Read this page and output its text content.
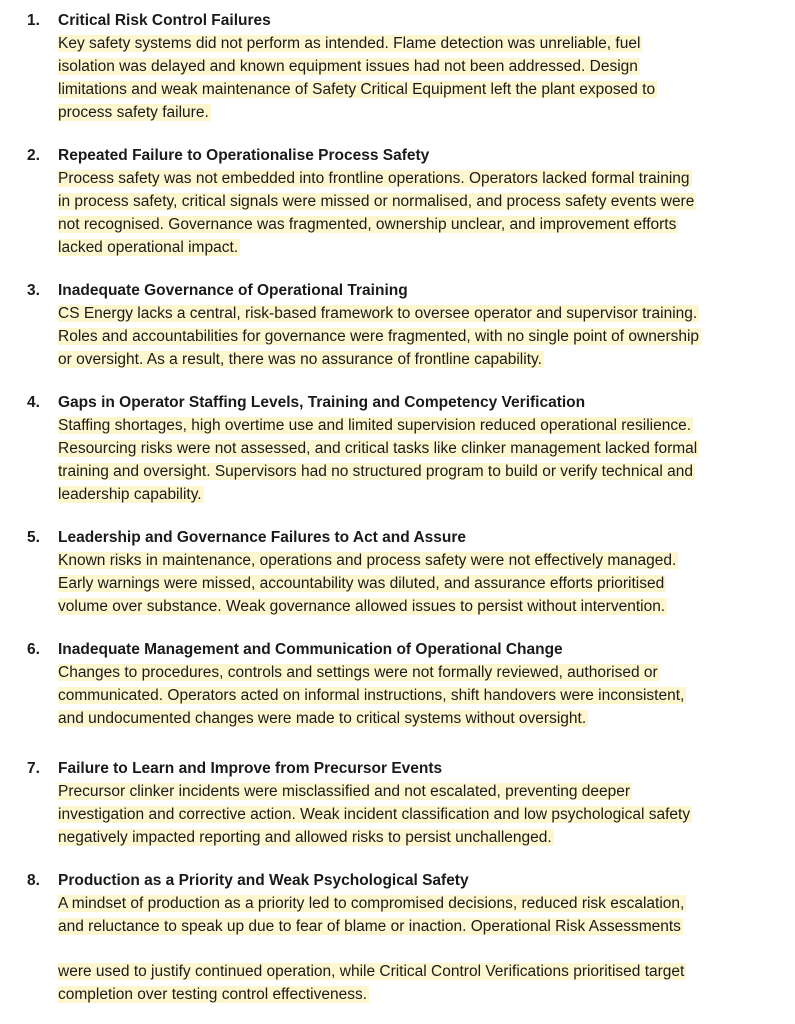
1. Critical Risk Control Failures
Key safety systems did not perform as intended. Flame detection was unreliable, fuel
isolation was delayed and known equipment issues had not been addressed. Design
limitations and weak maintenance of Safety Critical Equipment left the plant exposed to
process safety failure.
2. Repeated Failure to Operationalise Process Safety
Process safety was not embedded into frontline operations. Operators lacked formal training
in process safety, critical signals were missed or normalised, and process safety events were
not recognised. Governance was fragmented, ownership unclear, and improvement efforts
lacked operational impact.
3. Inadequate Governance of Operational Training
CS Energy lacks a central, risk-based framework to oversee operator and supervisor training.
Roles and accountabilities for governance were fragmented, with no single point of ownership
or oversight. As a result, there was no assurance of frontline capability.
4. Gaps in Operator Staffing Levels, Training and Competency Verification
Staffing shortages, high overtime use and limited supervision reduced operational resilience.
Resourcing risks were not assessed, and critical tasks like clinker management lacked formal
training and oversight. Supervisors had no structured program to build or verify technical and
leadership capability.
5. Leadership and Governance Failures to Act and Assure
Known risks in maintenance, operations and process safety were not effectively managed.
Early warnings were missed, accountability was diluted, and assurance efforts prioritised
volume over substance. Weak governance allowed issues to persist without intervention.
6. Inadequate Management and Communication of Operational Change
Changes to procedures, controls and settings were not formally reviewed, authorised or
communicated. Operators acted on informal instructions, shift handovers were inconsistent,
and undocumented changes were made to critical systems without oversight.
7. Failure to Learn and Improve from Precursor Events
Precursor clinker incidents were misclassified and not escalated, preventing deeper
investigation and corrective action. Weak incident classification and low psychological safety
negatively impacted reporting and allowed risks to persist unchallenged.
8. Production as a Priority and Weak Psychological Safety
A mindset of production as a priority led to compromised decisions, reduced risk escalation,
and reluctance to speak up due to fear of blame or inaction. Operational Risk Assessments
were used to justify continued operation, while Critical Control Verifications prioritised target
completion over testing control effectiveness.
